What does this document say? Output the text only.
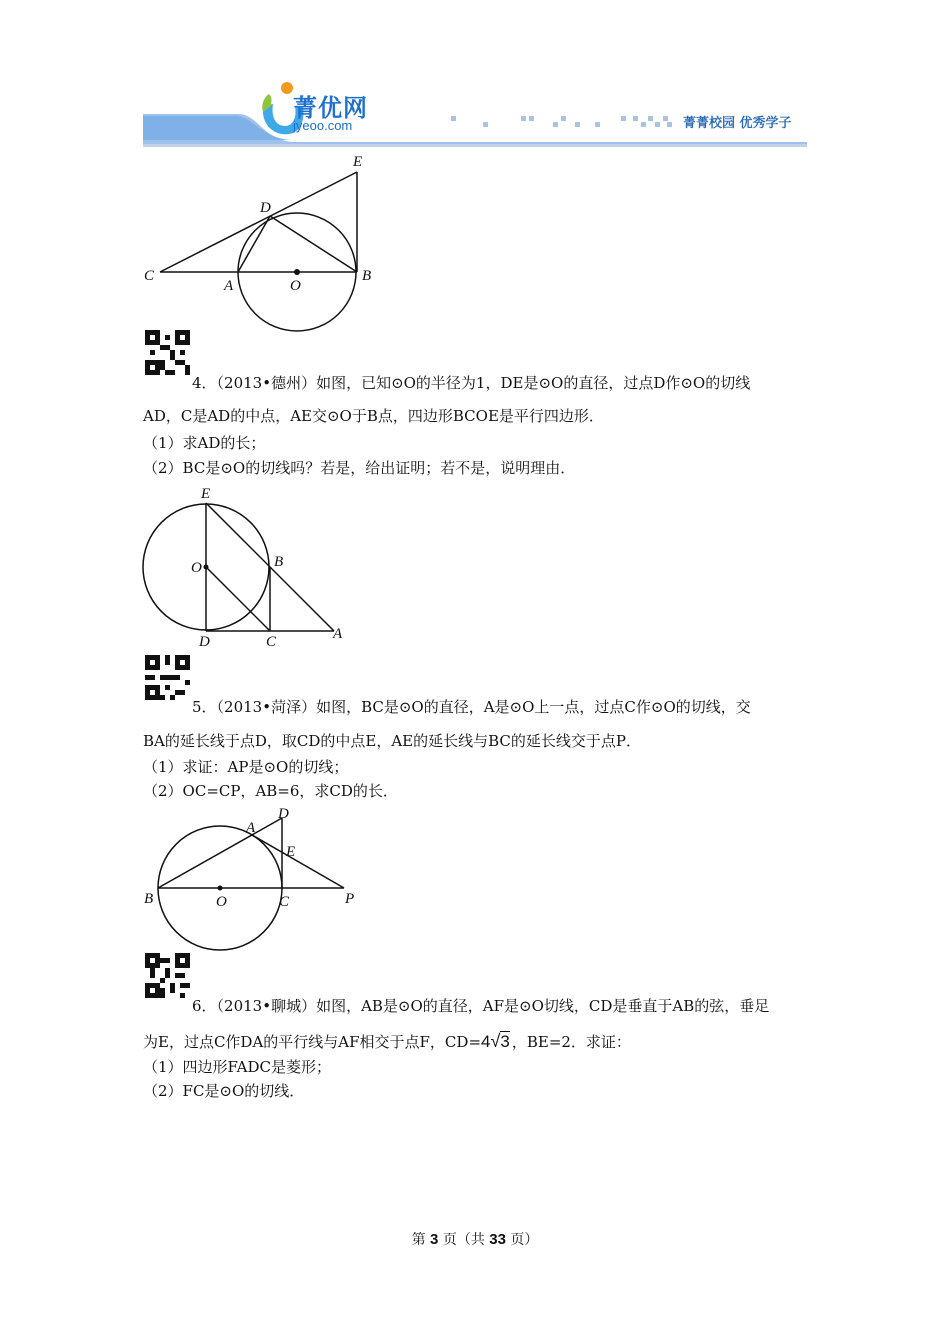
菁优网
jyeoo.com	菁菁校园 优秀学子
E
D
C
A	O
B
4．（2013•德州）如图，已知⊙O的半径为1，DE是⊙O的直径，过点D作⊙O的切线
AD，C是AD的中点，AE交⊙O于B点，四边形BCOE是平行四边形．
（1）求AD的长；
（2）BC是⊙O的切线吗？若是，给出证明；若不是，说明理由．
E
B
O
D	C	A
5．（2013•菏泽）如图，BC是⊙O的直径，A是⊙O上一点，过点C作⊙O的切线，交
BA的延长线于点D，取CD的中点E，AE的延长线与BC的延长线交于点P．
（1）求证：AP是⊙O的切线；
（2）OC=CP，AB=6，求CD的长．
D
A
E
B	O	C	P
6．（2013•聊城）如图，AB是⊙O的直径，AF是⊙O切线，CD是垂直于AB的弦，垂足
为E，过点C作DA的平行线与AF相交于点F，CD=4√3 ，BE=2．求证：
（1）四边形FADC是菱形；
（2）FC是⊙O的切线．
第 3 页（共 33 页）
